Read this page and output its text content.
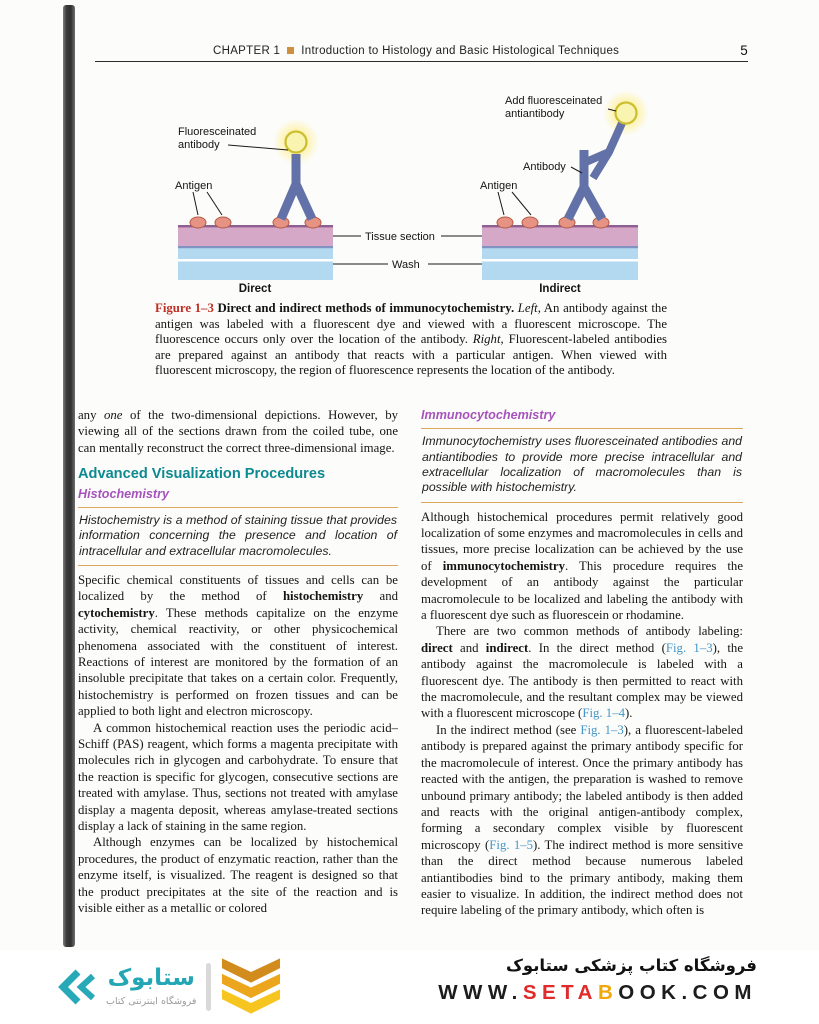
CHAPTER 1 Introduction to Histology and Basic Histological Techniques	5
Fluoresceinated
antibody
Antigen
Add fluoresceinated
antiantibody
Antibody
Antigen
Tissue section
Wash
Direct	Indirect

Figure 1–3 Direct and indirect methods of immunocytochemistry. Left, An antibody against the antigen was labeled with a fluorescent dye and viewed with a fluorescent microscope. The fluorescence occurs only over the location of the antibody. Right, Fluorescent-labeled antibodies are prepared against an antibody that reacts with a particular antigen. When viewed with fluorescent microscopy, the region of fluorescence represents the location of the antibody.

any one of the two-dimensional depictions. However, by viewing all of the sections drawn from the coiled tube, one can mentally reconstruct the correct three-dimensional image.

Advanced Visualization Procedures
Histochemistry
Histochemistry is a method of staining tissue that provides information concerning the presence and location of intracellular and extracellular macromolecules.

Specific chemical constituents of tissues and cells can be localized by the method of histochemistry and cytochemistry. These methods capitalize on the enzyme activity, chemical reactivity, or other physicochemical phenomena associated with the constituent of interest. Reactions of interest are monitored by the formation of an insoluble precipitate that takes on a certain color. Frequently, histochemistry is performed on frozen tissues and can be applied to both light and electron microscopy.

A common histochemical reaction uses the periodic acid–Schiff (PAS) reagent, which forms a magenta precipitate with molecules rich in glycogen and carbohydrate. To ensure that the reaction is specific for glycogen, consecutive sections are treated with amylase. Thus, sections not treated with amylase display a magenta deposit, whereas amylase-treated sections display a lack of staining in the same region.

Although enzymes can be localized by histochemical procedures, the product of enzymatic reaction, rather than the enzyme itself, is visualized. The reagent is designed so that the product precipitates at the site of the reaction and is visible either as a metallic or colored

Immunocytochemistry
Immunocytochemistry uses fluoresceinated antibodies and antiantibodies to provide more precise intracellular and extracellular localization of macromolecules than is possible with histochemistry.

Although histochemical procedures permit relatively good localization of some enzymes and macromolecules in cells and tissues, more precise localization can be achieved by the use of immunocytochemistry. This procedure requires the development of an antibody against the particular macromolecule to be localized and labeling the antibody with a fluorescent dye such as fluorescein or rhodamine.

There are two common methods of antibody labeling: direct and indirect. In the direct method (Fig. 1–3), the antibody against the macromolecule is labeled with a fluorescent dye. The antibody is then permitted to react with the macromolecule, and the resultant complex may be viewed with a fluorescent microscope (Fig. 1–4).

In the indirect method (see Fig. 1–3), a fluorescent-labeled antibody is prepared against the primary antibody specific for the macromolecule of interest. Once the primary antibody has reacted with the antigen, the preparation is washed to remove unbound primary antibody; the labeled antibody is then added and reacts with the original antigen-antibody complex, forming a secondary complex visible by fluorescent microscopy (Fig. 1–5). The indirect method is more sensitive than the direct method because numerous labeled antiantibodies bind to the primary antibody, making them easier to visualize. In addition, the indirect method does not require labeling of the primary antibody, which often is

ستابوک
فروشگاه اینترنتی کتاب
فروشگاه کتاب پزشکی ستابوک
WWW.SETABOOK.COM
